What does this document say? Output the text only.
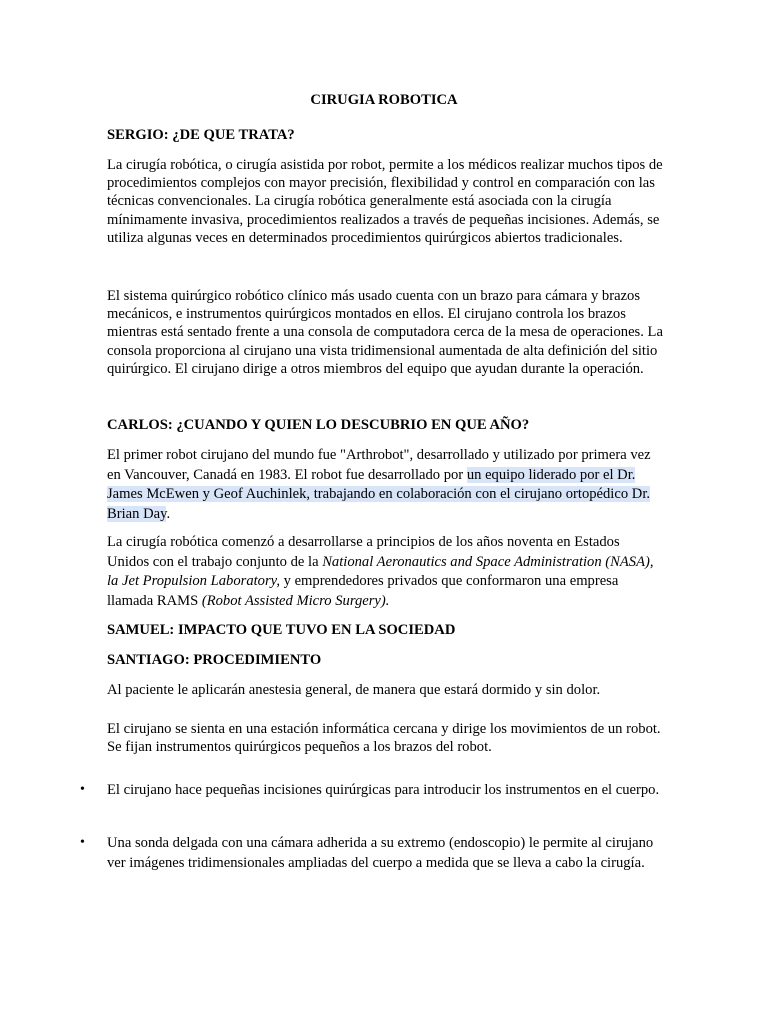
CIRUGIA ROBOTICA
SERGIO: ¿DE QUE TRATA?
La cirugía robótica, o cirugía asistida por robot, permite a los médicos realizar muchos tipos de procedimientos complejos con mayor precisión, flexibilidad y control en comparación con las técnicas convencionales. La cirugía robótica generalmente está asociada con la cirugía mínimamente invasiva, procedimientos realizados a través de pequeñas incisiones. Además, se utiliza algunas veces en determinados procedimientos quirúrgicos abiertos tradicionales.
El sistema quirúrgico robótico clínico más usado cuenta con un brazo para cámara y brazos mecánicos, e instrumentos quirúrgicos montados en ellos. El cirujano controla los brazos mientras está sentado frente a una consola de computadora cerca de la mesa de operaciones. La consola proporciona al cirujano una vista tridimensional aumentada de alta definición del sitio quirúrgico. El cirujano dirige a otros miembros del equipo que ayudan durante la operación.
CARLOS: ¿CUANDO Y QUIEN LO DESCUBRIO EN QUE AÑO?
El primer robot cirujano del mundo fue "Arthrobot", desarrollado y utilizado por primera vez en Vancouver, Canadá en 1983. El robot fue desarrollado por un equipo liderado por el Dr. James McEwen y Geof Auchinlek, trabajando en colaboración con el cirujano ortopédico Dr. Brian Day.
La cirugía robótica comenzó a desarrollarse a principios de los años noventa en Estados Unidos con el trabajo conjunto de la National Aeronautics and Space Administration (NASA), la Jet Propulsion Laboratory, y emprendedores privados que conformaron una empresa llamada RAMS (Robot Assisted Micro Surgery).
SAMUEL: IMPACTO QUE TUVO EN LA SOCIEDAD
SANTIAGO: PROCEDIMIENTO
Al paciente le aplicarán anestesia general, de manera que estará dormido y sin dolor.
El cirujano se sienta en una estación informática cercana y dirige los movimientos de un robot. Se fijan instrumentos quirúrgicos pequeños a los brazos del robot.
•	El cirujano hace pequeñas incisiones quirúrgicas para introducir los instrumentos en el cuerpo.
•	Una sonda delgada con una cámara adherida a su extremo (endoscopio) le permite al cirujano ver imágenes tridimensionales ampliadas del cuerpo a medida que se lleva a cabo la cirugía.
